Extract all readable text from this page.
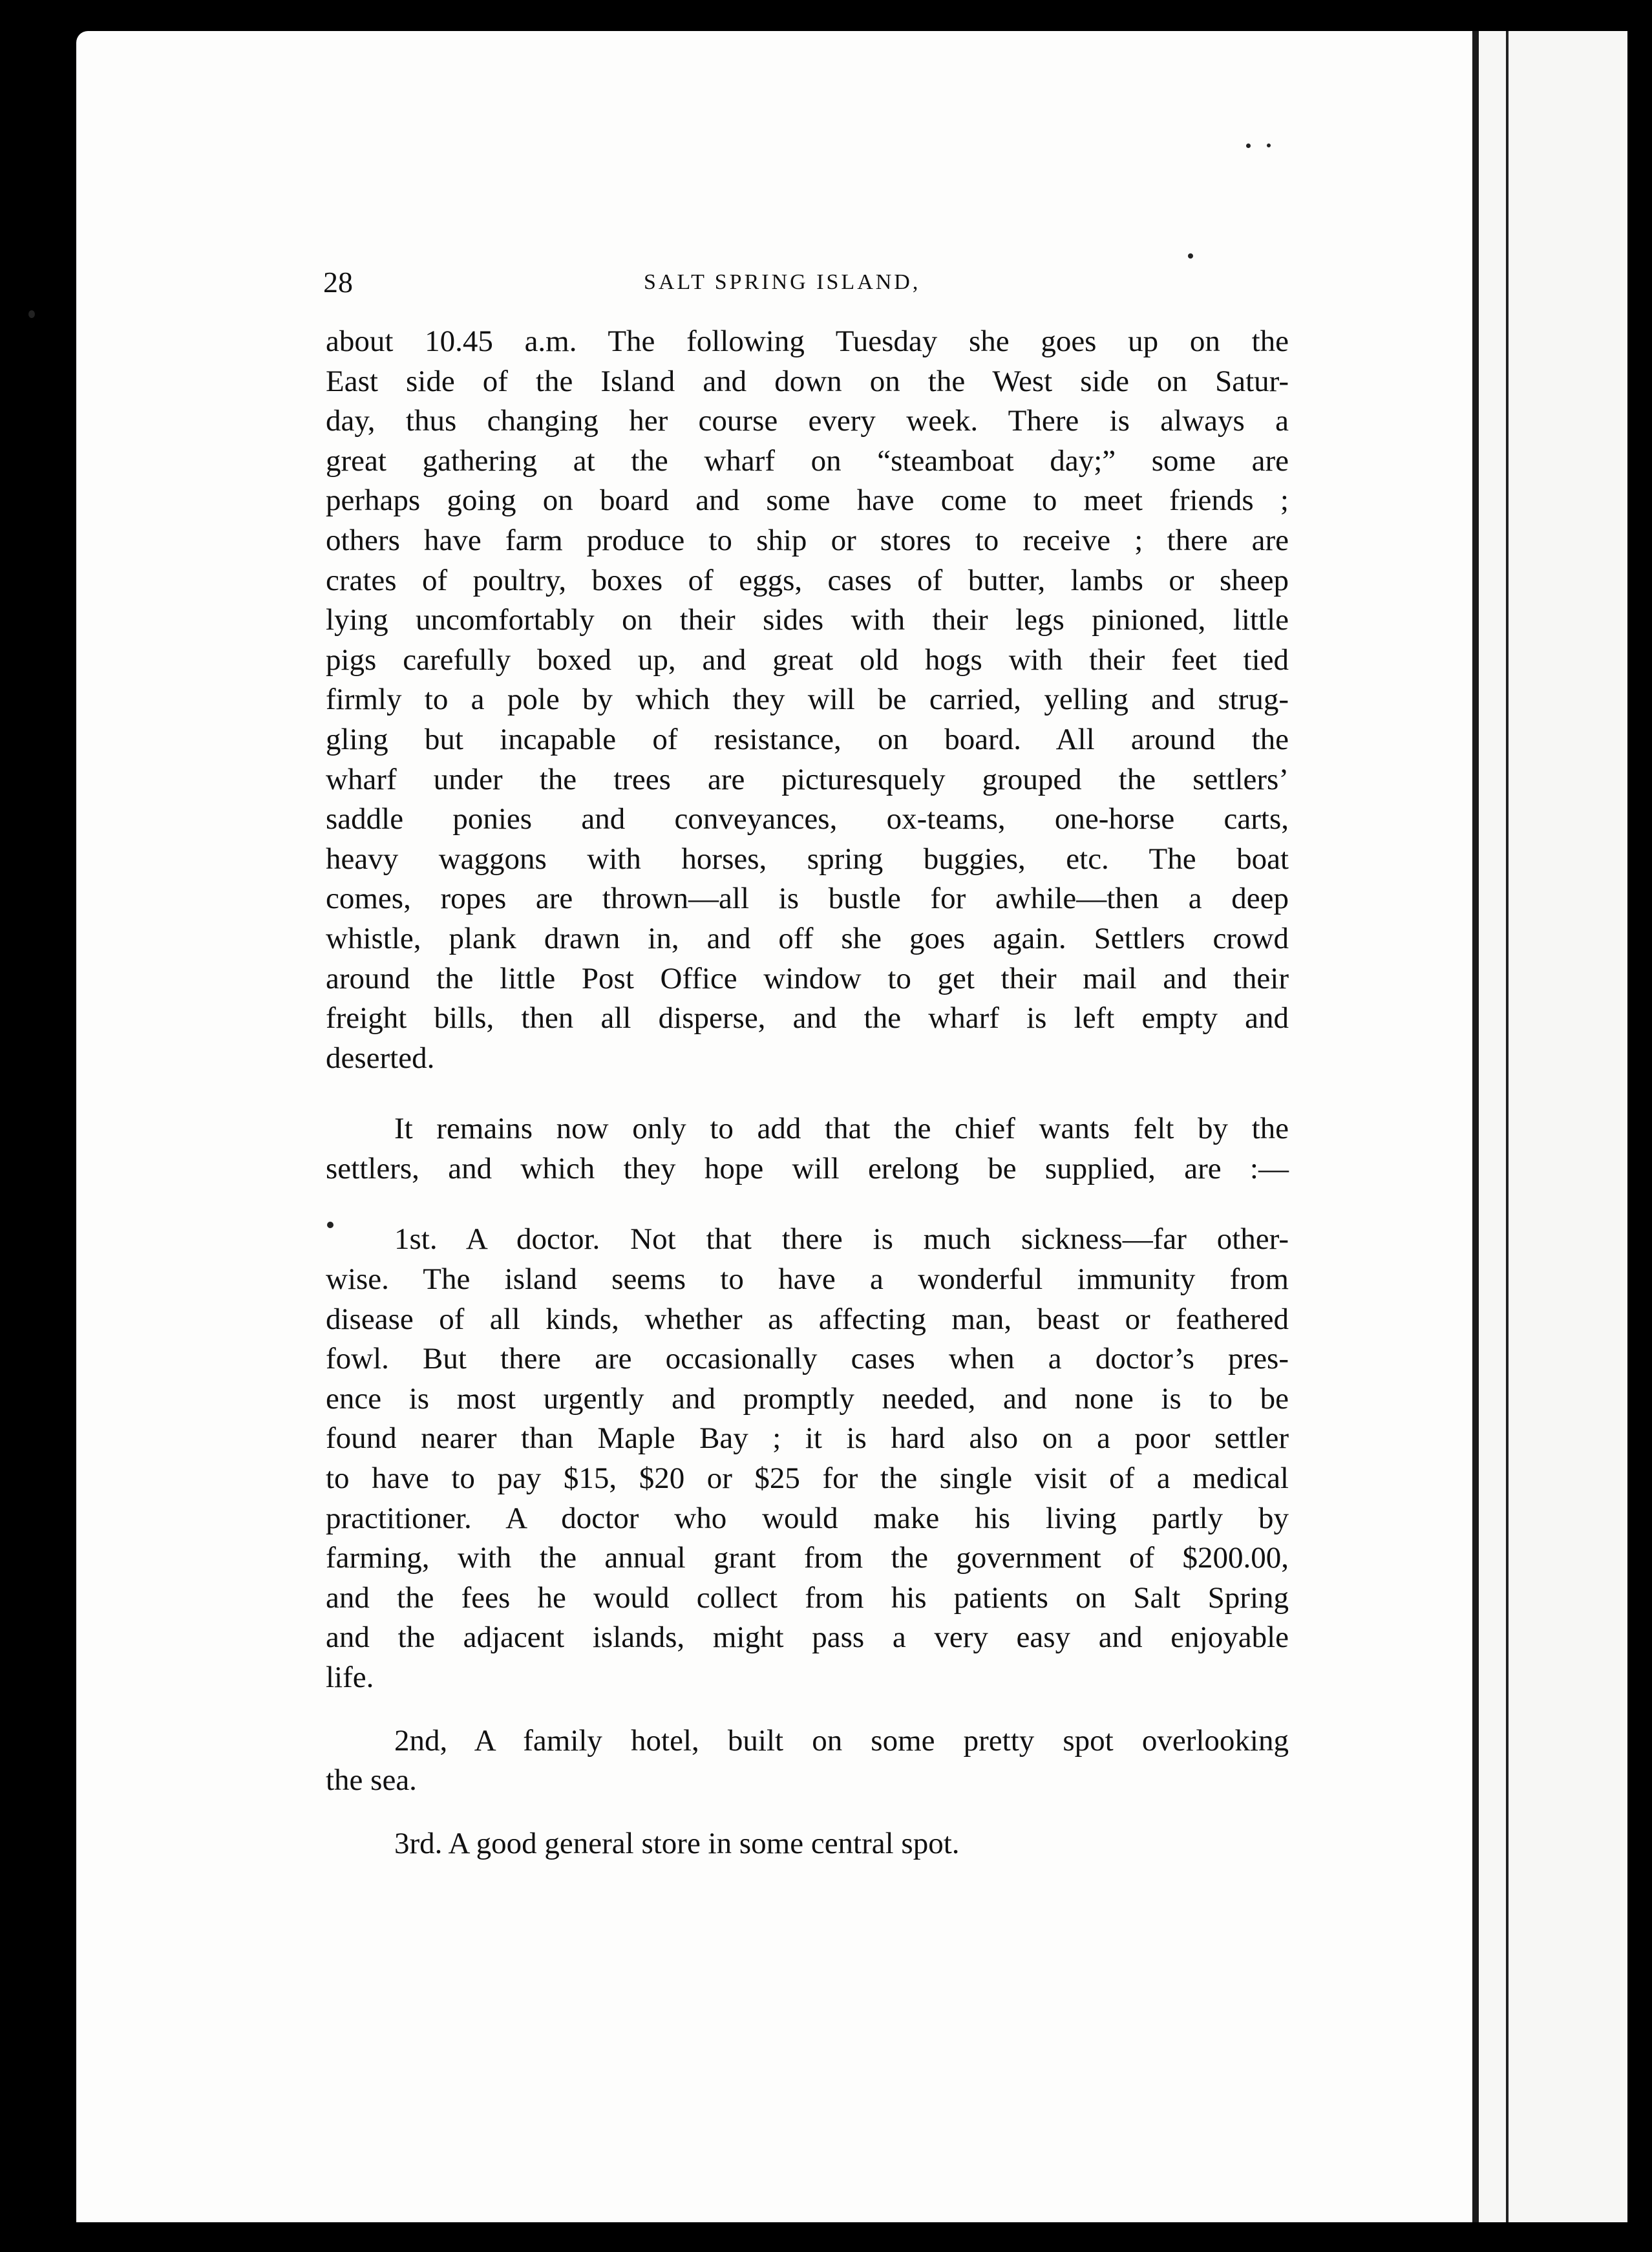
28	SALT SPRING ISLAND,
about 10.45 a.m. The following Tuesday she goes up on the
East side of the Island and down on the West side on Satur-
day, thus changing her course every week. There is always a
great gathering at the wharf on “steamboat day;” some are
perhaps going on board and some have come to meet friends ;
others have farm produce to ship or stores to receive ; there are
crates of poultry, boxes of eggs, cases of butter, lambs or sheep
lying uncomfortably on their sides with their legs pinioned, little
pigs carefully boxed up, and great old hogs with their feet tied
firmly to a pole by which they will be carried, yelling and strug-
gling but incapable of resistance, on board. All around the
wharf under the trees are picturesquely grouped the settlers’
saddle ponies and conveyances, ox-teams, one-horse carts,
heavy waggons with horses, spring buggies, etc. The boat
comes, ropes are thrown—all is bustle for awhile—then a deep
whistle, plank drawn in, and off she goes again. Settlers crowd
around the little Post Office window to get their mail and their
freight bills, then all disperse, and the wharf is left empty and
deserted.
It remains now only to add that the chief wants felt by the
settlers, and which they hope will erelong be supplied, are :—
1st. A doctor. Not that there is much sickness—far other-
wise. The island seems to have a wonderful immunity from
disease of all kinds, whether as affecting man, beast or feathered
fowl. But there are occasionally cases when a doctor’s pres-
ence is most urgently and promptly needed, and none is to be
found nearer than Maple Bay ; it is hard also on a poor settler
to have to pay $15, $20 or $25 for the single visit of a medical
practitioner. A doctor who would make his living partly by
farming, with the annual grant from the government of $200.00,
and the fees he would collect from his patients on Salt Spring
and the adjacent islands, might pass a very easy and enjoyable
life.
2nd, A family hotel, built on some pretty spot overlooking
the sea.
3rd. A good general store in some central spot.
